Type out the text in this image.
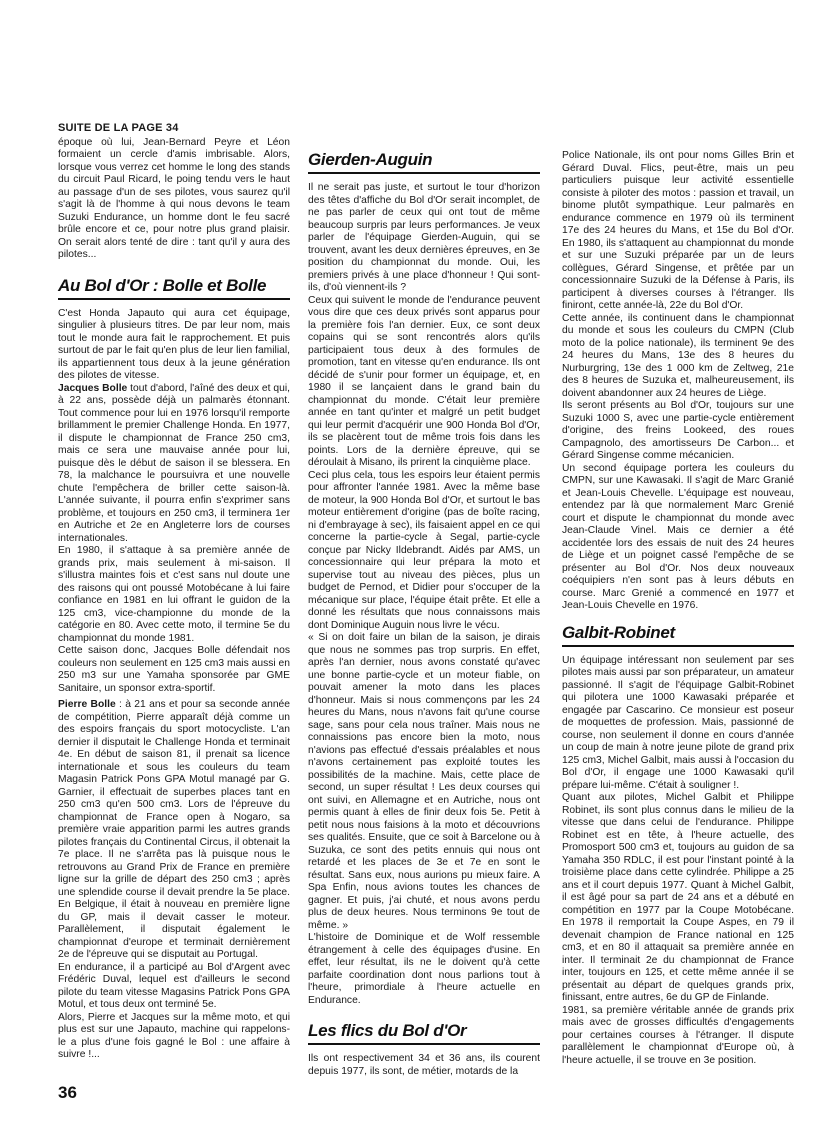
SUITE DE LA PAGE 34

époque où lui, Jean-Bernard Peyre et Léon formaient un cercle d'amis imbrisable. Alors, lorsque vous verrez cet homme le long des stands du circuit Paul Ricard, le poing tendu vers le haut au passage d'un de ses pilotes, vous saurez qu'il s'agit là de l'homme à qui nous devons le team Suzuki Endurance, un homme dont le feu sacré brûle encore et ce, pour notre plus grand plaisir. On serait alors tenté de dire : tant qu'il y aura des pilotes...

Au Bol d'Or : Bolle et Bolle

C'est Honda Japauto qui aura cet équipage, singulier à plusieurs titres. De par leur nom, mais tout le monde aura fait le rapprochement. Et puis surtout de par le fait qu'en plus de leur lien familial, ils appartiennent tous deux à la jeune génération des pilotes de vitesse.

Jacques Bolle tout d'abord, l'aîné des deux et qui, à 22 ans, possède déjà un palmarès étonnant. Tout commence pour lui en 1976 lorsqu'il remporte brillamment le premier Challenge Honda. En 1977, il dispute le championnat de France 250 cm3, mais ce sera une mauvaise année pour lui, puisque dès le début de saison il se blessera. En 78, la malchance le poursuivra et une nouvelle chute l'empêchera de briller cette saison-là. L'année suivante, il pourra enfin s'exprimer sans problème, et toujours en 250 cm3, il terminera 1er en Autriche et 2e en Angleterre lors de courses internationales.

En 1980, il s'attaque à sa première année de grands prix, mais seulement à mi-saison. Il s'illustra maintes fois et c'est sans nul doute une des raisons qui ont poussé Motobécane à lui faire confiance en 1981 en lui offrant le guidon de la 125 cm3, vice-championne du monde de la catégorie en 80. Avec cette moto, il termine 5e du championnat du monde 1981.

Cette saison donc, Jacques Bolle défendait nos couleurs non seulement en 125 cm3 mais aussi en 250 m3 sur une Yamaha sponsorée par GME Sanitaire, un sponsor extra-sportif.

Pierre Bolle : à 21 ans et pour sa seconde année de compétition, Pierre apparaît déjà comme un des espoirs français du sport motocycliste. L'an dernier il disputait le Challenge Honda et terminait 4e. En début de saison 81, il prenait sa licence internationale et sous les couleurs du team Magasin Patrick Pons GPA Motul managé par G. Garnier, il effectuait de superbes places tant en 250 cm3 qu'en 500 cm3. Lors de l'épreuve du championnat de France open à Nogaro, sa première vraie apparition parmi les autres grands pilotes français du Continental Circus, il obtenait la 7e place. Il ne s'arrêta pas là puisque nous le retrouvons au Grand Prix de France en première ligne sur la grille de départ des 250 cm3 ; après une splendide course il devait prendre la 5e place. En Belgique, il était à nouveau en première ligne du GP, mais il devait casser le moteur. Parallèlement, il disputait également le championnat d'europe et terminait dernièrement 2e de l'épreuve qui se disputait au Portugal.

En endurance, il a participé au Bol d'Argent avec Frédéric Duval, lequel est d'ailleurs le second pilote du team vitesse Magasins Patrick Pons GPA Motul, et tous deux ont terminé 5e.

Alors, Pierre et Jacques sur la même moto, et qui plus est sur une Japauto, machine qui rappelons-le a plus d'une fois gagné le Bol : une affaire à suivre !...

Gierden-Auguin

Il ne serait pas juste, et surtout le tour d'horizon des têtes d'affiche du Bol d'Or serait incomplet, de ne pas parler de ceux qui ont tout de même beaucoup surpris par leurs performances. Je veux parler de l'équipage Gierden-Auguin, qui se trouvent, avant les deux dernières épreuves, en 3e position du championnat du monde. Oui, les premiers privés à une place d'honneur ! Qui sont-ils, d'où viennent-ils ?

Ceux qui suivent le monde de l'endurance peuvent vous dire que ces deux privés sont apparus pour la première fois l'an dernier. Eux, ce sont deux copains qui se sont rencontrés alors qu'ils participaient tous deux à des formules de promotion, tant en vitesse qu'en endurance. Ils ont décidé de s'unir pour former un équipage, et, en 1980 il se lançaient dans le grand bain du championnat du monde. C'était leur première année en tant qu'inter et malgré un petit budget qui leur permit d'acquérir une 900 Honda Bol d'Or, ils se placèrent tout de même trois fois dans les points. Lors de la dernière épreuve, qui se déroulait à Misano, ils prirent la cinquième place.

Ceci plus cela, tous les espoirs leur étaient permis pour affronter l'année 1981. Avec la même base de moteur, la 900 Honda Bol d'Or, et surtout le bas moteur entièrement d'origine (pas de boîte racing, ni d'embrayage à sec), ils faisaient appel en ce qui concerne la partie-cycle à Segal, partie-cycle conçue par Nicky Ildebrandt. Aidés par AMS, un concessionnaire qui leur prépara la moto et supervise tout au niveau des pièces, plus un budget de Pernod, et Didier pour s'occuper de la mécanique sur place, l'équipe était prête. Et elle a donné les résultats que nous connaissons mais dont Dominique Auguin nous livre le vécu.

« Si on doit faire un bilan de la saison, je dirais que nous ne sommes pas trop surpris. En effet, après l'an dernier, nous avons constaté qu'avec une bonne partie-cycle et un moteur fiable, on pouvait amener la moto dans les places d'honneur. Mais si nous commençons par les 24 heures du Mans, nous n'avons fait qu'une course sage, sans pour cela nous traîner. Mais nous ne connaissions pas encore bien la moto, nous n'avions pas effectué d'essais préalables et nous n'avons certainement pas exploité toutes les possibilités de la machine. Mais, cette place de second, un super résultat ! Les deux courses qui ont suivi, en Allemagne et en Autriche, nous ont permis quant à elles de finir deux fois 5e. Petit à petit nous nous faisions à la moto et découvrions ses qualités. Ensuite, que ce soit à Barcelone ou à Suzuka, ce sont des petits ennuis qui nous ont retardé et les places de 3e et 7e en sont le résultat. Sans eux, nous aurions pu mieux faire. A Spa Enfin, nous avions toutes les chances de gagner. Et puis, j'ai chuté, et nous avons perdu plus de deux heures. Nous terminons 9e tout de même. »

L'histoire de Dominique et de Wolf ressemble étrangement à celle des équipages d'usine. En effet, leur résultat, ils ne le doivent qu'à cette parfaite coordination dont nous parlions tout à l'heure, primordiale à l'heure actuelle en Endurance.

Les flics du Bol d'Or

Ils ont respectivement 34 et 36 ans, ils courent depuis 1977, ils sont, de métier, motards de la

Police Nationale, ils ont pour noms Gilles Brin et Gérard Duval. Flics, peut-être, mais un peu particuliers puisque leur activité essentielle consiste à piloter des motos : passion et travail, un binome plutôt sympathique. Leur palmarès en endurance commence en 1979 où ils terminent 17e des 24 heures du Mans, et 15e du Bol d'Or. En 1980, ils s'attaquent au championnat du monde et sur une Suzuki préparée par un de leurs collègues, Gérard Singense, et prêtée par un concessionnaire Suzuki de la Défense à Paris, ils participent à diverses courses à l'étranger. Ils finiront, cette année-là, 22e du Bol d'Or.

Cette année, ils continuent dans le championnat du monde et sous les couleurs du CMPN (Club moto de la police nationale), ils terminent 9e des 24 heures du Mans, 13e des 8 heures du Nurburgring, 13e des 1 000 km de Zeltweg, 21e des 8 heures de Suzuka et, malheureusement, ils doivent abandonner aux 24 heures de Liège.

Ils seront présents au Bol d'Or, toujours sur une Suzuki 1000 S, avec une partie-cycle entièrement d'origine, des freins Lookeed, des roues Campagnolo, des amortisseurs De Carbon... et Gérard Singense comme mécanicien.

Un second équipage portera les couleurs du CMPN, sur une Kawasaki. Il s'agit de Marc Granié et Jean-Louis Chevelle. L'équipage est nouveau, entendez par là que normalement Marc Grenié court et dispute le championnat du monde avec Jean-Claude Vinel. Mais ce dernier a été accidentée lors des essais de nuit des 24 heures de Liège et un poignet cassé l'empêche de se présenter au Bol d'Or. Nos deux nouveaux coéquipiers n'en sont pas à leurs débuts en course. Marc Grenié a commencé en 1977 et Jean-Louis Chevelle en 1976.

Galbit-Robinet

Un équipage intéressant non seulement par ses pilotes mais aussi par son préparateur, un amateur passionné. Il s'agit de l'équipage Galbit-Robinet qui pilotera une 1000 Kawasaki préparée et engagée par Cascarino. Ce monsieur est poseur de moquettes de profession. Mais, passionné de course, non seulement il donne en cours d'année un coup de main à notre jeune pilote de grand prix 125 cm3, Michel Galbit, mais aussi à l'occasion du Bol d'Or, il engage une 1000 Kawasaki qu'il prépare lui-même. C'était à souligner !.

Quant aux pilotes, Michel Galbit et Philippe Robinet, ils sont plus connus dans le milieu de la vitesse que dans celui de l'endurance. Philippe Robinet est en tête, à l'heure actuelle, des Promosport 500 cm3 et, toujours au guidon de sa Yamaha 350 RDLC, il est pour l'instant pointé à la troisième place dans cette cylindrée. Philippe a 25 ans et il court depuis 1977. Quant à Michel Galbit, il est âgé pour sa part de 24 ans et a débuté en compétition en 1977 par la Coupe Motobécane. En 1978 il remportait la Coupe Aspes, en 79 il devenait champion de France national en 125 cm3, et en 80 il attaquait sa première année en inter. Il terminait 2e du championnat de France inter, toujours en 125, et cette même année il se présentait au départ de quelques grands prix, finissant, entre autres, 6e du GP de Finlande.

1981, sa première véritable année de grands prix mais avec de grosses difficultés d'engagements pour certaines courses à l'étranger. Il dispute parallèlement le championnat d'Europe où, à l'heure actuelle, il se trouve en 3e position.

36
